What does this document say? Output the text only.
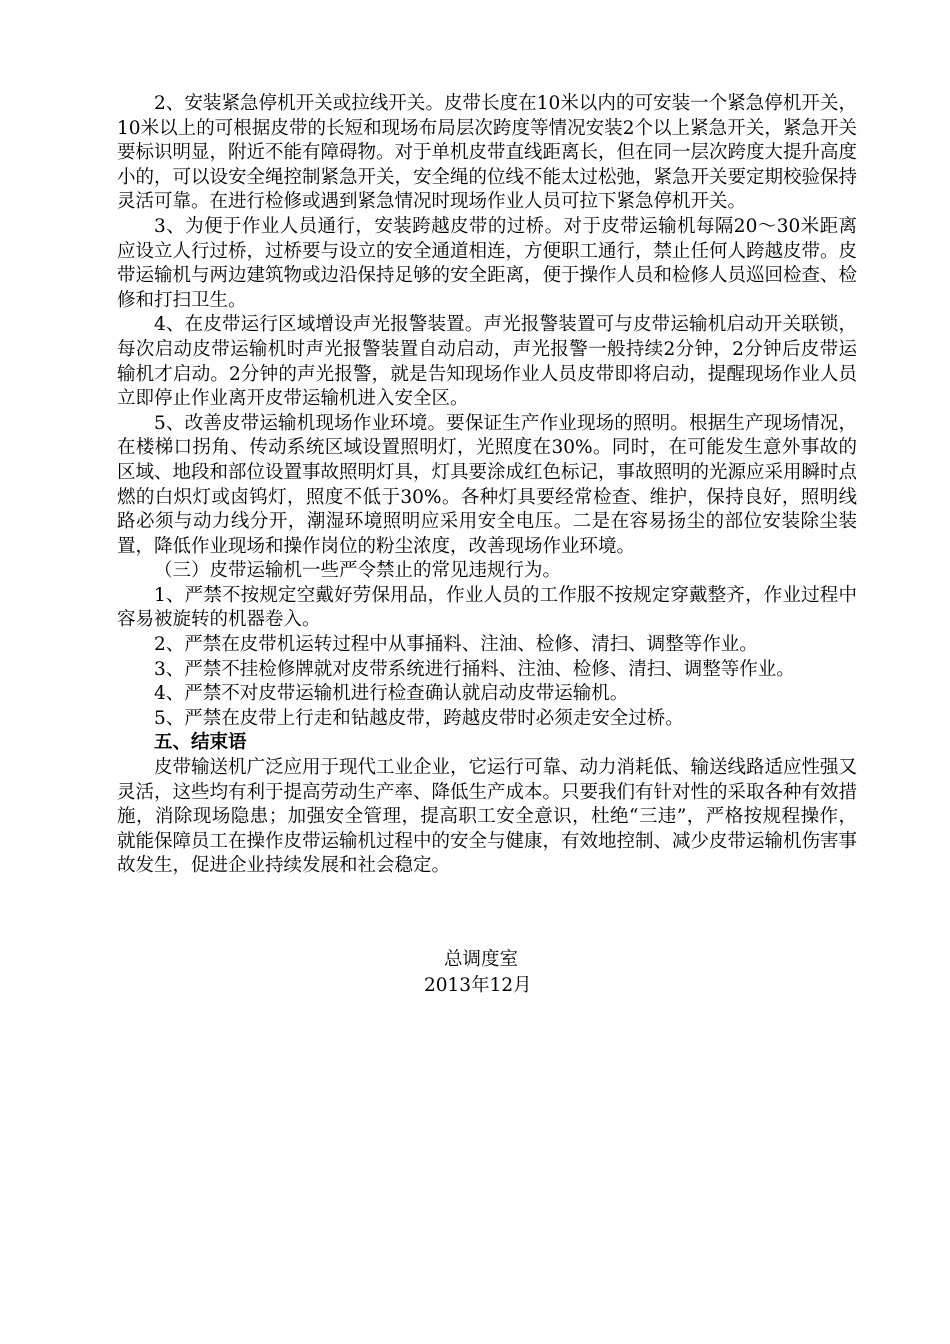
2、安装紧急停机开关或拉线开关。皮带长度在10米以内的可安装一个紧急停机开关，10米以上的可根据皮带的长短和现场布局层次跨度等情况安装2个以上紧急开关，紧急开关要标识明显，附近不能有障碍物。对于单机皮带直线距离长，但在同一层次跨度大提升高度小的，可以设安全绳控制紧急开关，安全绳的位线不能太过松弛，紧急开关要定期校验保持灵活可靠。在进行检修或遇到紧急情况时现场作业人员可拉下紧急停机开关。

3、为便于作业人员通行，安装跨越皮带的过桥。对于皮带运输机每隔20～30米距离应设立人行过桥，过桥要与设立的安全通道相连，方便职工通行，禁止任何人跨越皮带。皮带运输机与两边建筑物或边沿保持足够的安全距离，便于操作人员和检修人员巡回检查、检修和打扫卫生。

4、在皮带运行区域增设声光报警装置。声光报警装置可与皮带运输机启动开关联锁，每次启动皮带运输机时声光报警装置自动启动，声光报警一般持续2分钟，2分钟后皮带运输机才启动。2分钟的声光报警，就是告知现场作业人员皮带即将启动，提醒现场作业人员立即停止作业离开皮带运输机进入安全区。

5、改善皮带运输机现场作业环境。要保证生产作业现场的照明。根据生产现场情况，在楼梯口拐角、传动系统区域设置照明灯，光照度在30%。同时，在可能发生意外事故的区域、地段和部位设置事故照明灯具，灯具要涂成红色标记，事故照明的光源应采用瞬时点燃的白炽灯或卤钨灯，照度不低于30%。各种灯具要经常检查、维护，保持良好，照明线路必须与动力线分开，潮湿环境照明应采用安全电压。二是在容易扬尘的部位安装除尘装置，降低作业现场和操作岗位的粉尘浓度，改善现场作业环境。

（三）皮带运输机一些严令禁止的常见违规行为。

1、严禁不按规定空戴好劳保用品，作业人员的工作服不按规定穿戴整齐，作业过程中容易被旋转的机器卷入。

2、严禁在皮带机运转过程中从事捅料、注油、检修、清扫、调整等作业。

3、严禁不挂检修牌就对皮带系统进行捅料、注油、检修、清扫、调整等作业。

4、严禁不对皮带运输机进行检查确认就启动皮带运输机。

5、严禁在皮带上行走和钻越皮带，跨越皮带时必须走安全过桥。

五、结束语

皮带输送机广泛应用于现代工业企业，它运行可靠、动力消耗低、输送线路适应性强又灵活，这些均有利于提高劳动生产率、降低生产成本。只要我们有针对性的采取各种有效措施，消除现场隐患；加强安全管理，提高职工安全意识，杜绝“三违”，严格按规程操作，就能保障员工在操作皮带运输机过程中的安全与健康，有效地控制、减少皮带运输机伤害事故发生，促进企业持续发展和社会稳定。

总调度室
2013年12月
